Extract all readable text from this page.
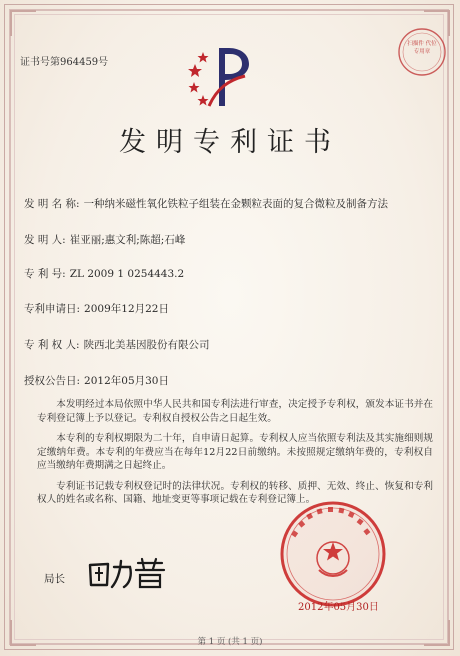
扫描件 代位专用章
证书号第964459号
发明专利证书
发 明 名 称: 一种纳米磁性氧化铁粒子组装在金颗粒表面的复合微粒及制备方法
发 明 人: 崔亚丽;惠文利;陈超;石峰
专 利 号: ZL 2009 1 0254443.2
专利申请日: 2009年12月22日
专 利 权 人: 陕西北美基因股份有限公司
授权公告日: 2012年05月30日

本发明经过本局依照中华人民共和国专利法进行审查，决定授予专利权，颁发本证书并在专利登记簿上予以登记。专利权自授权公告之日起生效。

本专利的专利权期限为二十年，自申请日起算。专利权人应当依照专利法及其实施细则规定缴纳年费。本专利的年费应当在每年12月22日前缴纳。未按照规定缴纳年费的，专利权自应当缴纳年费期满之日起终止。

专利证书记载专利权登记时的法律状况。专利权的转移、质押、无效、终止、恢复和专利权人的姓名或名称、国籍、地址变更等事项记载在专利登记簿上。

局长
2012年05月30日
第 1 页 (共 1 页)
